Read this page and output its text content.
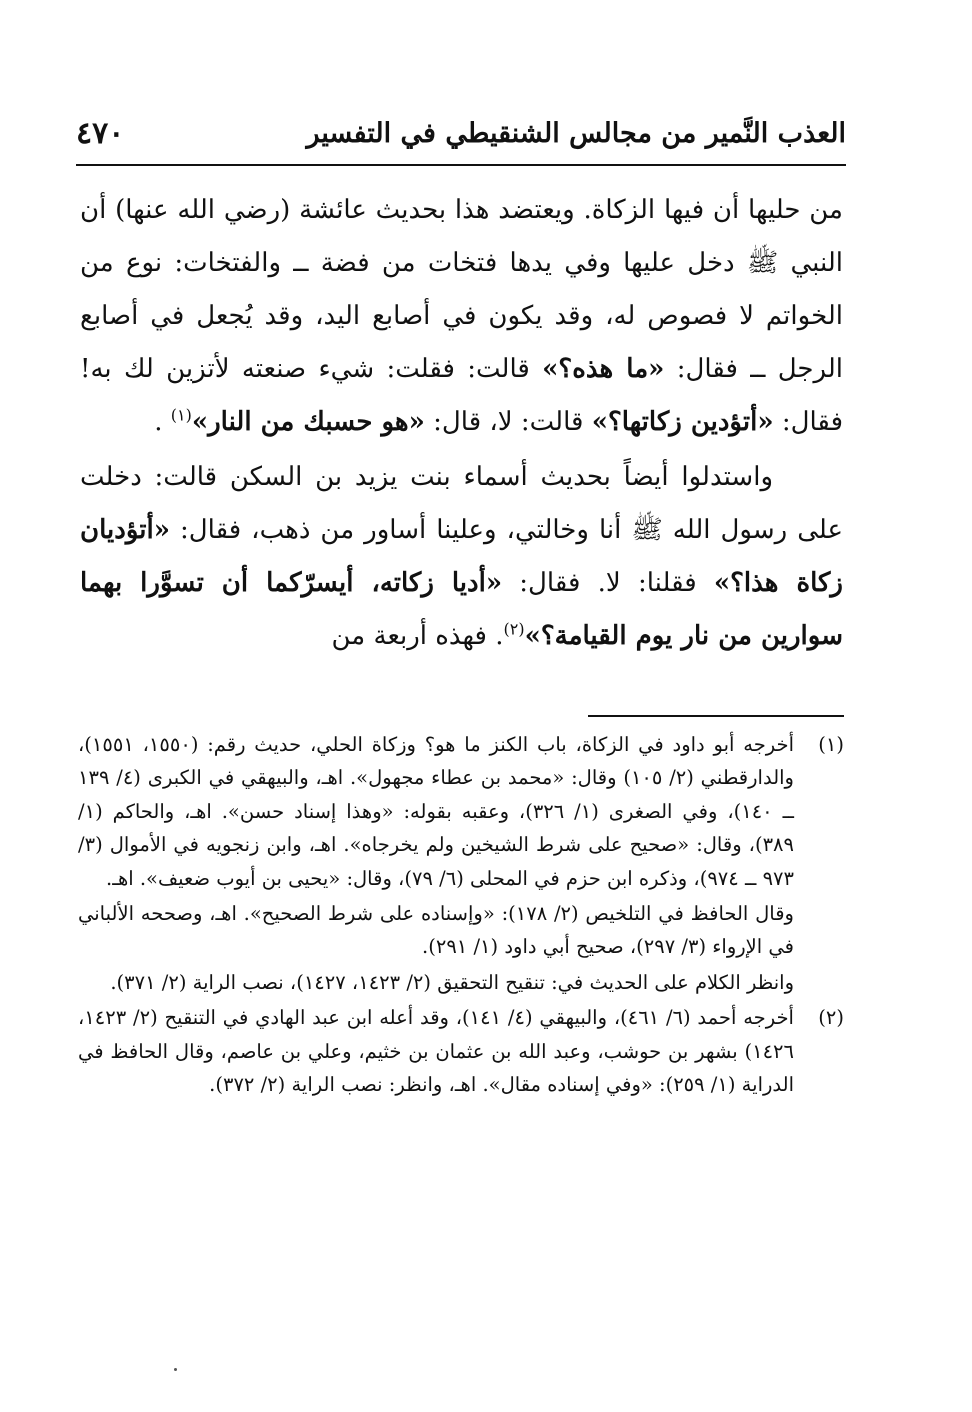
العذب النَّمير من مجالس الشنقيطي في التفسير
٤٧٠

من حليها أن فيها الزكاة. ويعتضد هذا بحديث عائشة (رضي الله عنها) أن النبي ﷺ دخل عليها وفي يدها فتخات من فضة ــ والفتخات: نوع من الخواتم لا فصوص له، وقد يكون في أصابع اليد، وقد يُجعل في أصابع الرجل ــ فقال: «ما هذه؟» قالت: فقلت: شيء صنعته لأتزين لك به! فقال: «أتؤدين زكاتها؟» قالت: لا، قال: «هو حسبك من النار»$^{(١)}$ .

واستدلوا أيضاً بحديث أسماء بنت يزيد بن السكن قالت: دخلت على رسول الله ﷺ أنا وخالتي، وعلينا أساور من ذهب، فقال: «أتؤديان زكاة هذا؟» فقلنا: لا. فقال: «أديا زكاته، أيسرّكما أن تسوَّرا بهما سوارين من نار يوم القيامة؟»$^{(٢)}$. فهذه أربعة من

(١)

أخرجه أبو داود في الزكاة، باب الكنز ما هو؟ وزكاة الحلي، حديث رقم: (١٥٥٠، ١٥٥١)، والدارقطني (٢/ ١٠٥) وقال: «محمد بن عطاء مجهول». اهـ، والبيهقي في الكبرى (٤/ ١٣٩ ــ ١٤٠)، وفي الصغرى (١/ ٣٢٦)، وعقبه بقوله: «وهذا إسناد حسن». اهـ، والحاكم (١/ ٣٨٩)، وقال: «صحيح على شرط الشيخين ولم يخرجاه». اهـ، وابن زنجويه في الأموال (٣/ ٩٧٣ ــ ٩٧٤)، وذكره ابن حزم في المحلى (٦/ ٧٩)، وقال: «يحيى بن أيوب ضعيف». اهـ.

وقال الحافظ في التلخيص (٢/ ١٧٨): «وإسناده على شرط الصحيح». اهـ، وصححه الألباني في الإرواء (٣/ ٢٩٧)، صحيح أبي داود (١/ ٢٩١).

وانظر الكلام على الحديث في: تنقيح التحقيق (٢/ ١٤٢٣، ١٤٢٧)، نصب الراية (٢/ ٣٧١).

(٢)

أخرجه أحمد (٦/ ٤٦١)، والبيهقي (٤/ ١٤١)، وقد أعله ابن عبد الهادي في التنقيح (٢/ ١٤٢٣، ١٤٢٦) بشهر بن حوشب، وعبد الله بن عثمان بن خثيم، وعلي بن عاصم، وقال الحافظ في الدراية (١/ ٢٥٩): «وفي إسناده مقال». اهـ، وانظر: نصب الراية (٢/ ٣٧٢).
